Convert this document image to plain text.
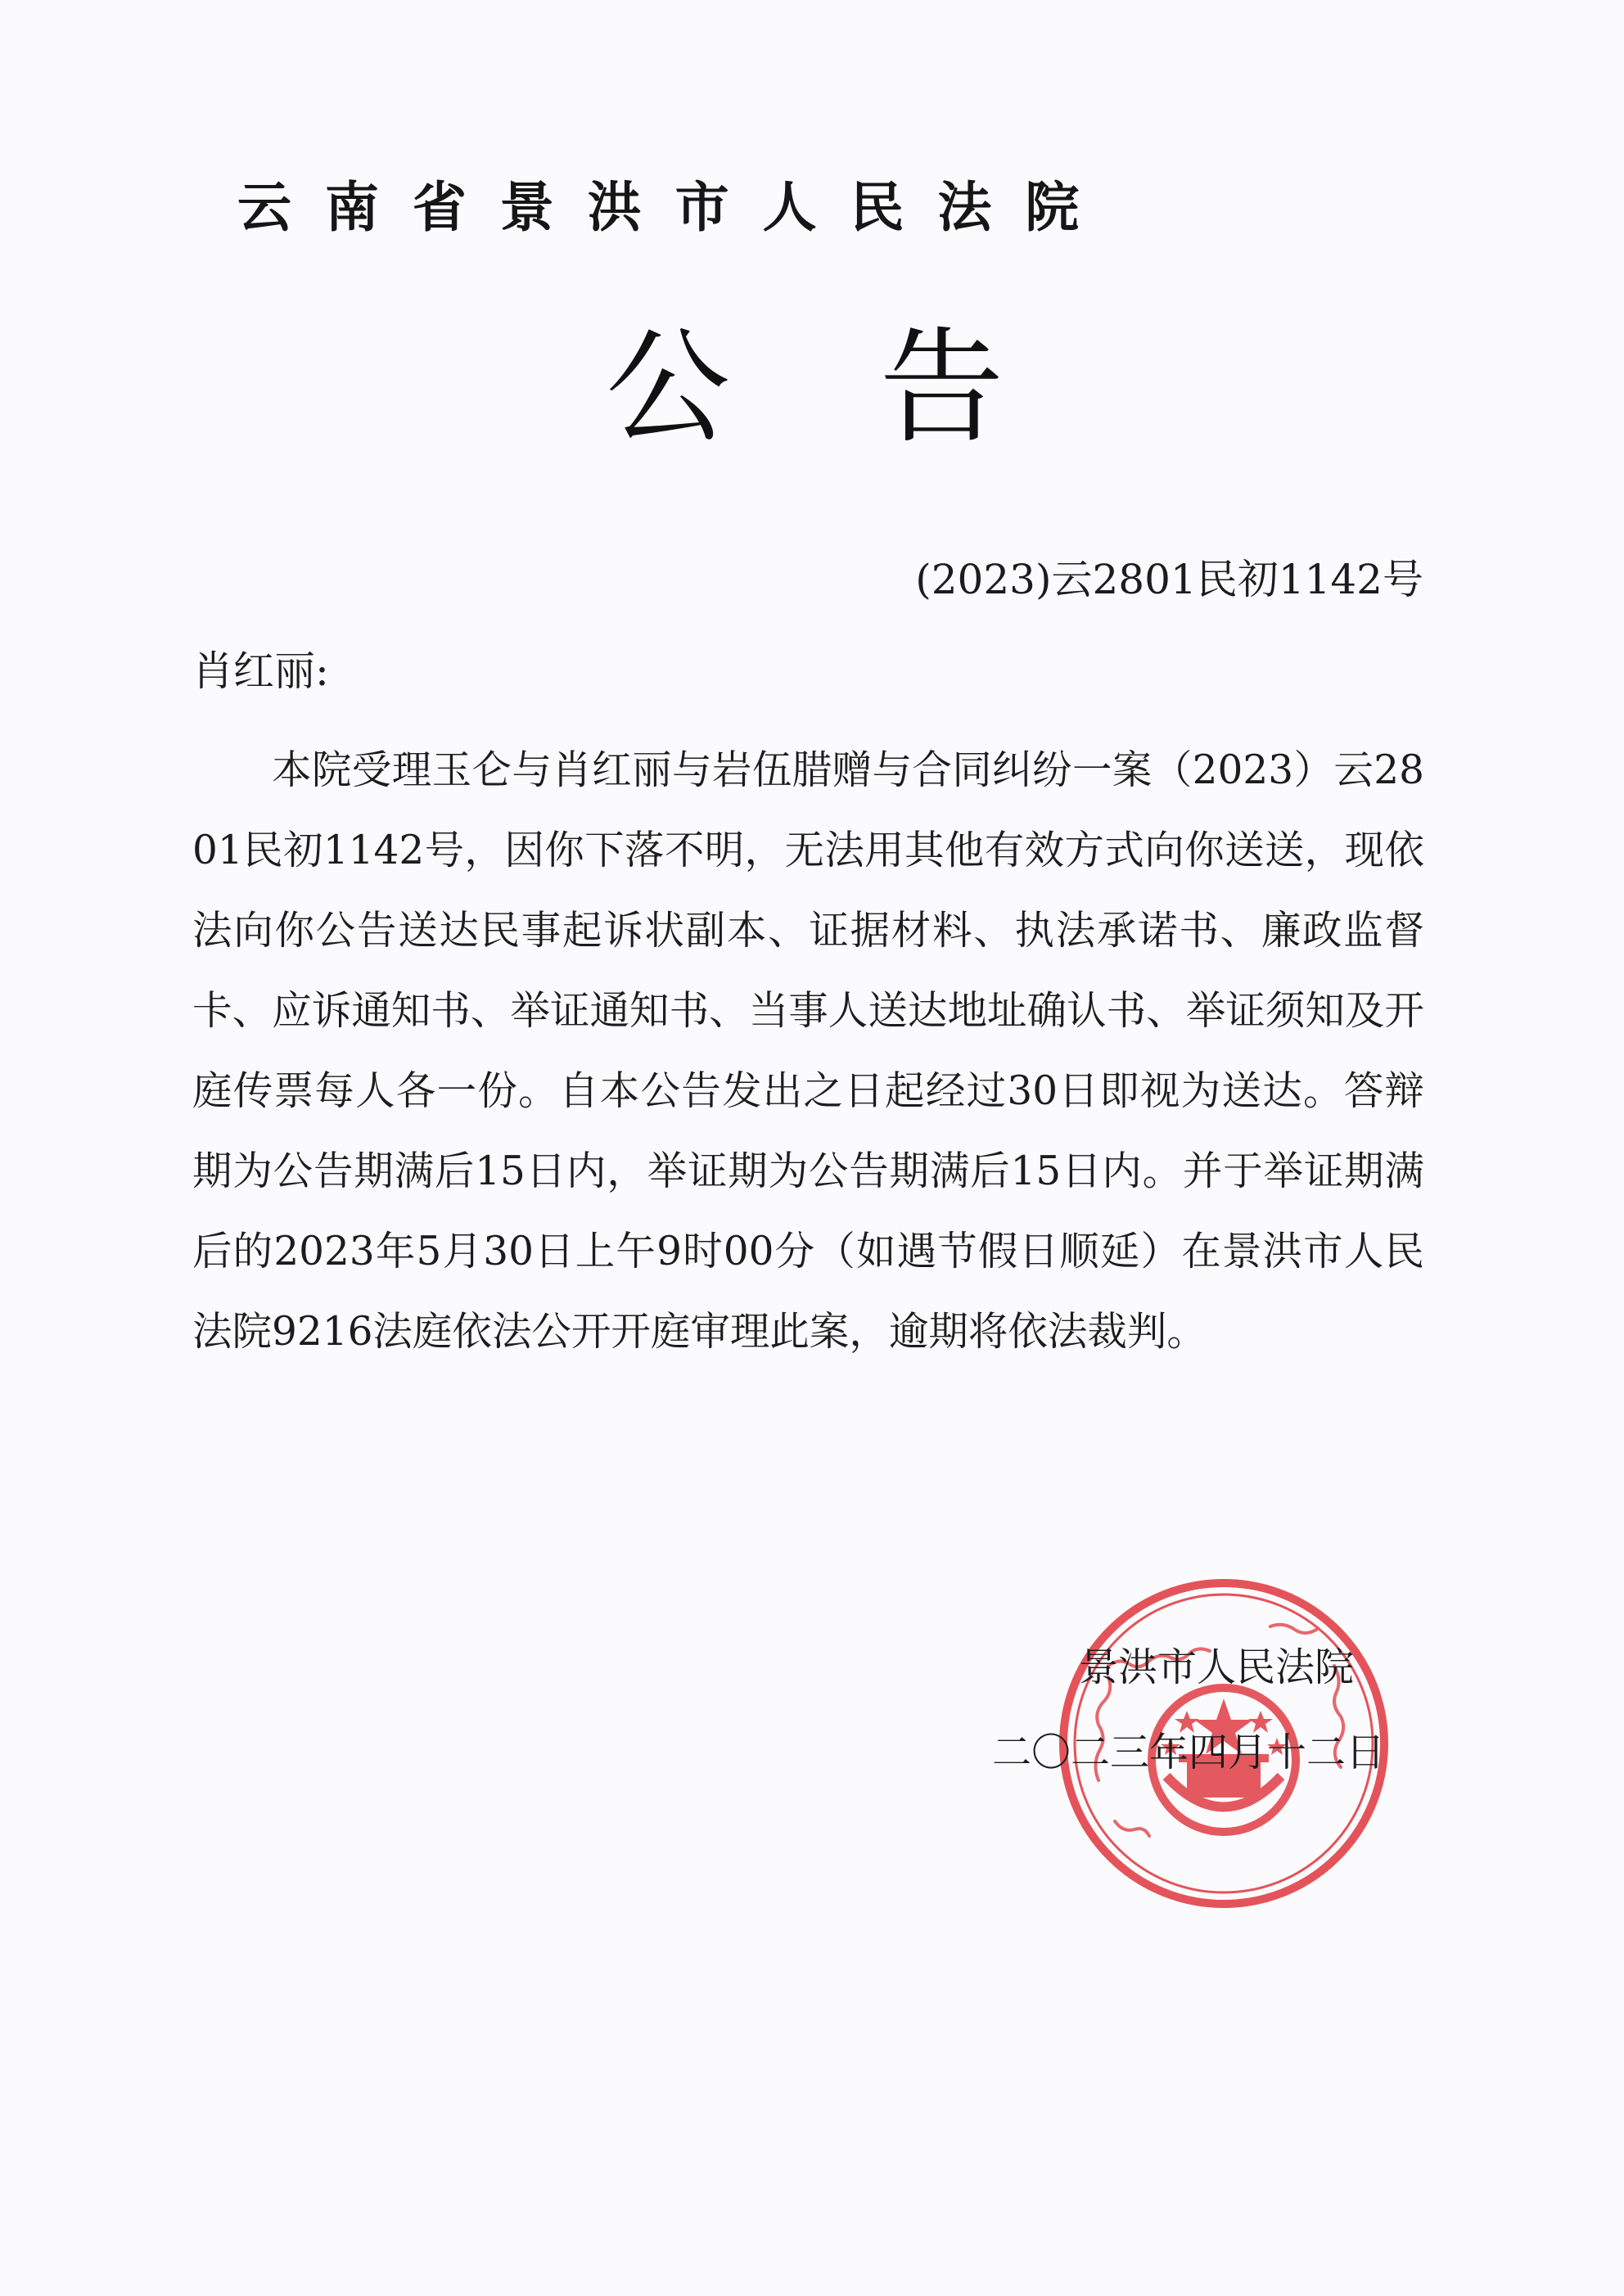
云南省景洪市人民法院
公告
(2023)云2801民初1142号
肖红丽:
本院受理玉仑与肖红丽与岩伍腊赠与合同纠纷一案（2023）云2801民初1142号，因你下落不明，无法用其他有效方式向你送送，现依法向你公告送达民事起诉状副本、证据材料、执法承诺书、廉政监督卡、应诉通知书、举证通知书、当事人送达地址确认书、举证须知及开庭传票每人各一份。自本公告发出之日起经过30日即视为送达。答辩期为公告期满后15日内，举证期为公告期满后15日内。并于举证期满后的2023年5月30日上午9时00分（如遇节假日顺延）在景洪市人民法院9216法庭依法公开开庭审理此案，逾期将依法裁判。
景洪市人民法院
二〇二三年四月十二日
